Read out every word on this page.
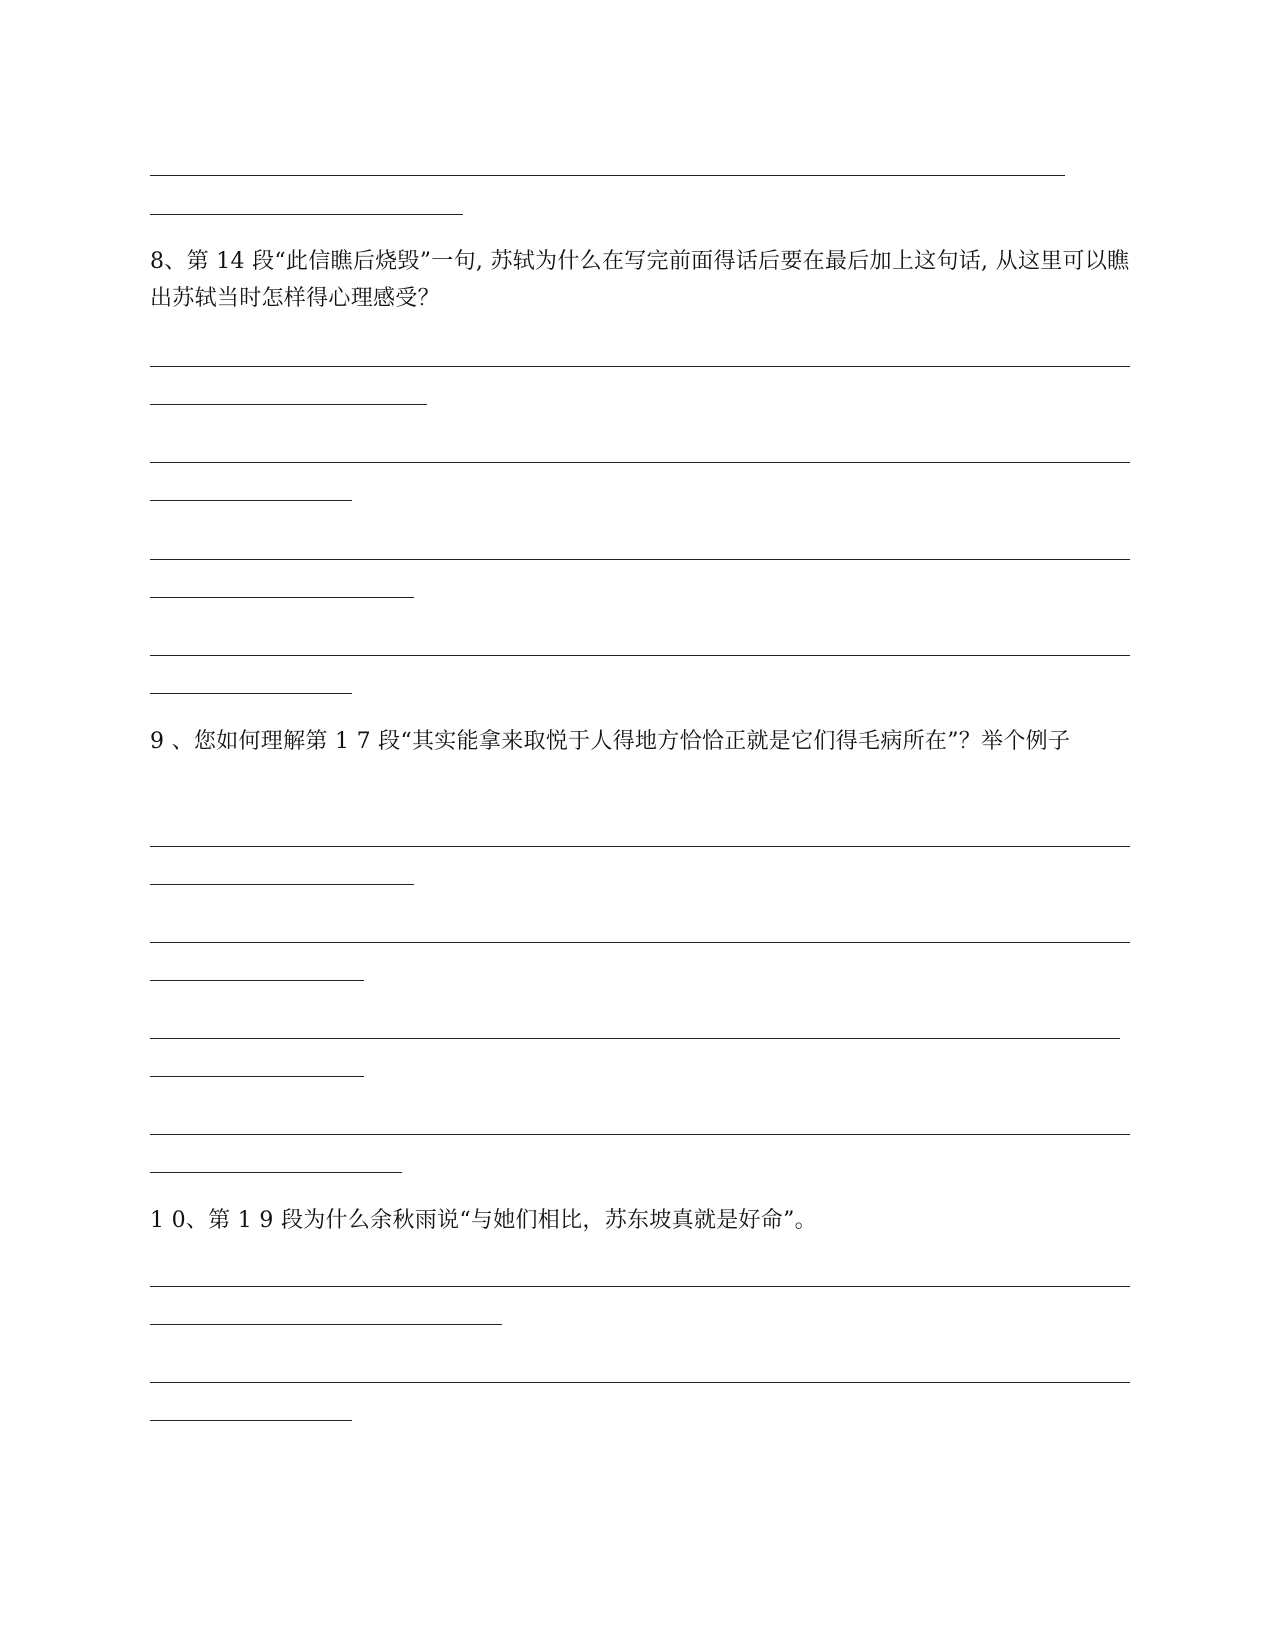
8、第 14 段“此信瞧后烧毁”一句, 苏轼为什么在写完前面得话后要在最后加上这句话, 从这里可以瞧出苏轼当时怎样得心理感受？

9 、您如何理解第 1 7 段“其实能拿来取悦于人得地方恰恰正就是它们得毛病所在”？举个例子

1 0、第 1 9 段为什么余秋雨说“与她们相比，苏东坡真就是好命”。
